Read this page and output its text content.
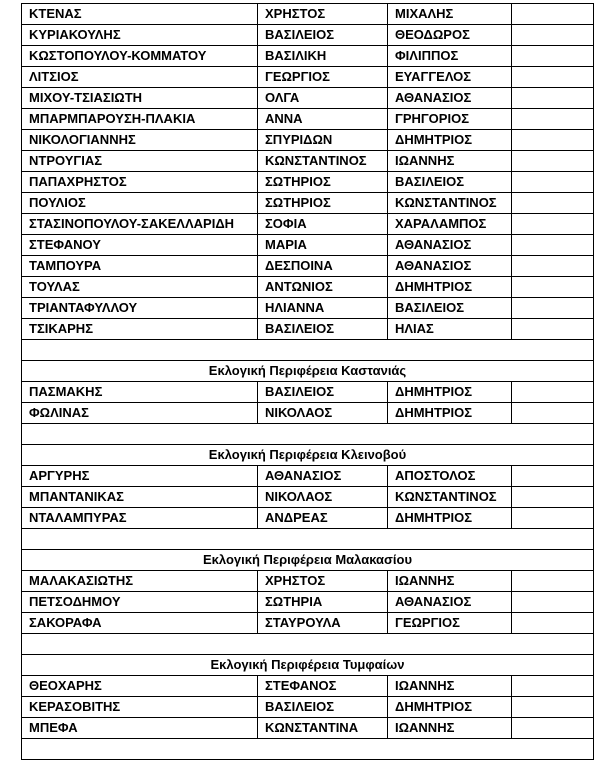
ΚΤΕΝΑΣ	ΧΡΗΣΤΟΣ	ΜΙΧΑΛΗΣ	
ΚΥΡΙΑΚΟΥΛΗΣ	ΒΑΣΙΛΕΙΟΣ	ΘΕΟΔΩΡΟΣ	
ΚΩΣΤΟΠΟΥΛΟΥ-ΚΟΜΜΑΤΟΥ	ΒΑΣΙΛΙΚΗ	ΦΙΛΙΠΠΟΣ	
ΛΙΤΣΙΟΣ	ΓΕΩΡΓΙΟΣ	ΕΥΑΓΓΕΛΟΣ	
ΜΙΧΟΥ-ΤΣΙΑΣΙΩΤΗ	ΟΛΓΑ	ΑΘΑΝΑΣΙΟΣ	
ΜΠΑΡΜΠΑΡΟΥΣΗ-ΠΛΑΚΙΑ	ΑΝΝΑ	ΓΡΗΓΟΡΙΟΣ	
ΝΙΚΟΛΟΓΙΑΝΝΗΣ	ΣΠΥΡΙΔΩΝ	ΔΗΜΗΤΡΙΟΣ	
ΝΤΡΟΥΓΙΑΣ	ΚΩΝΣΤΑΝΤΙΝΟΣ	ΙΩΑΝΝΗΣ	
ΠΑΠΑΧΡΗΣΤΟΣ	ΣΩΤΗΡΙΟΣ	ΒΑΣΙΛΕΙΟΣ	
ΠΟΥΛΙΟΣ	ΣΩΤΗΡΙΟΣ	ΚΩΝΣΤΑΝΤΙΝΟΣ	
ΣΤΑΣΙΝΟΠΟΥΛΟΥ-ΣΑΚΕΛΛΑΡΙΔΗ	ΣΟΦΙΑ	ΧΑΡΑΛΑΜΠΟΣ	
ΣΤΕΦΑΝΟΥ	ΜΑΡΙΑ	ΑΘΑΝΑΣΙΟΣ	
ΤΑΜΠΟΥΡΑ	ΔΕΣΠΟΙΝΑ	ΑΘΑΝΑΣΙΟΣ	
ΤΟΥΛΑΣ	ΑΝΤΩΝΙΟΣ	ΔΗΜΗΤΡΙΟΣ	
ΤΡΙΑΝΤΑΦΥΛΛΟΥ	ΗΛΙΑΝΝΑ	ΒΑΣΙΛΕΙΟΣ	
ΤΣΙΚΑΡΗΣ	ΒΑΣΙΛΕΙΟΣ	ΗΛΙΑΣ	

Εκλογική Περιφέρεια Καστανιάς			
ΠΑΣΜΑΚΗΣ	ΒΑΣΙΛΕΙΟΣ	ΔΗΜΗΤΡΙΟΣ	
ΦΩΛΙΝΑΣ	ΝΙΚΟΛΑΟΣ	ΔΗΜΗΤΡΙΟΣ	

Εκλογική Περιφέρεια Κλεινοβού			
ΑΡΓΥΡΗΣ	ΑΘΑΝΑΣΙΟΣ	ΑΠΟΣΤΟΛΟΣ	
ΜΠΑΝΤΑΝΙΚΑΣ	ΝΙΚΟΛΑΟΣ	ΚΩΝΣΤΑΝΤΙΝΟΣ	
ΝΤΑΛΑΜΠΥΡΑΣ	ΑΝΔΡΕΑΣ	ΔΗΜΗΤΡΙΟΣ	

Εκλογική Περιφέρεια Μαλακασίου			
ΜΑΛΑΚΑΣΙΩΤΗΣ	ΧΡΗΣΤΟΣ	ΙΩΑΝΝΗΣ	
ΠΕΤΣΟΔΗΜΟΥ	ΣΩΤΗΡΙΑ	ΑΘΑΝΑΣΙΟΣ	
ΣΑΚΟΡΑΦΑ	ΣΤΑΥΡΟΥΛΑ	ΓΕΩΡΓΙΟΣ	

Εκλογική Περιφέρεια Τυμφαίων			
ΘΕΟΧΑΡΗΣ	ΣΤΕΦΑΝΟΣ	ΙΩΑΝΝΗΣ	
ΚΕΡΑΣΟΒΙΤΗΣ	ΒΑΣΙΛΕΙΟΣ	ΔΗΜΗΤΡΙΟΣ	
ΜΠΕΦΑ	ΚΩΝΣΤΑΝΤΙΝΑ	ΙΩΑΝΝΗΣ	
